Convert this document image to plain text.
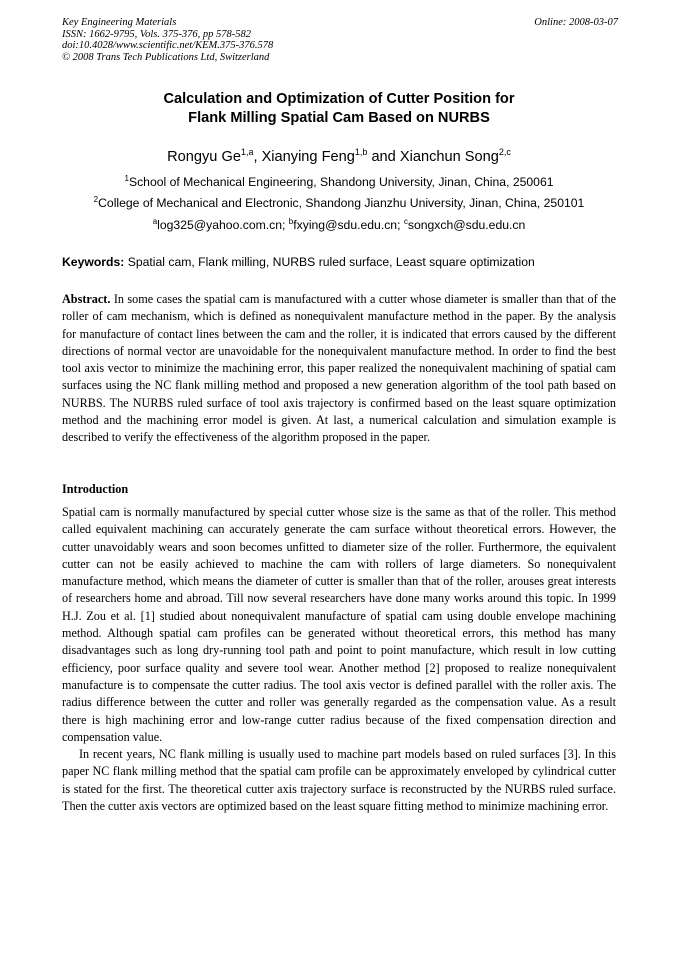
Key Engineering Materials
ISSN: 1662-9795, Vols. 375-376, pp 578-582
doi:10.4028/www.scientific.net/KEM.375-376.578
© 2008 Trans Tech Publications Ltd, Switzerland
Online: 2008-03-07
Calculation and Optimization of Cutter Position for
Flank Milling Spatial Cam Based on NURBS
Rongyu Ge$^{1,a}$, Xianying Feng$^{1,b}$ and Xianchun Song$^{2,c}$
$^1$School of Mechanical Engineering, Shandong University, Jinan, China, 250061
$^2$College of Mechanical and Electronic, Shandong Jianzhu University, Jinan, China, 250101
$^a$log325@yahoo.com.cn; $^b$fxying@sdu.edu.cn; $^c$songxch@sdu.edu.cn
Keywords: Spatial cam, Flank milling, NURBS ruled surface, Least square optimization
Abstract. In some cases the spatial cam is manufactured with a cutter whose diameter is smaller than that of the roller of cam mechanism, which is defined as nonequivalent manufacture method in the paper. By the analysis for manufacture of contact lines between the cam and the roller, it is indicated that errors caused by the different directions of normal vector are unavoidable for the nonequivalent manufacture method. In order to find the best tool axis vector to minimize the machining error, this paper realized the nonequivalent machining of spatial cam surfaces using the NC flank milling method and proposed a new generation algorithm of the tool path based on NURBS. The NURBS ruled surface of tool axis trajectory is confirmed based on the least square optimization method and the machining error model is given. At last, a numerical calculation and simulation example is described to verify the effectiveness of the algorithm proposed in the paper.
Introduction

Spatial cam is normally manufactured by special cutter whose size is the same as that of the roller. This method called equivalent machining can accurately generate the cam surface without theoretical errors. However, the cutter unavoidably wears and soon becomes unfitted to diameter size of the roller. Furthermore, the equivalent cutter can not be easily achieved to machine the cam with rollers of large diameters. So nonequivalent manufacture method, which means the diameter of cutter is smaller than that of the roller, arouses great interests of researchers home and abroad. Till now several researchers have done many works around this topic. In 1999 H.J. Zou et al. [1] studied about nonequivalent manufacture of spatial cam using double envelope machining method. Although spatial cam profiles can be generated without theoretical errors, this method has many disadvantages such as long dry-running tool path and point to point manufacture, which result in low cutting efficiency, poor surface quality and severe tool wear. Another method [2] proposed to realize nonequivalent manufacture is to compensate the cutter radius. The tool axis vector is defined parallel with the roller axis. The radius difference between the cutter and roller was generally regarded as the compensation value. As a result there is high machining error and low-range cutter radius because of the fixed compensation direction and compensation value.

In recent years, NC flank milling is usually used to machine part models based on ruled surfaces [3]. In this paper NC flank milling method that the spatial cam profile can be approximately enveloped by cylindrical cutter is stated for the first. The theoretical cutter axis trajectory surface is reconstructed by the NURBS ruled surface. Then the cutter axis vectors are optimized based on the least square fitting method to minimize machining error.
